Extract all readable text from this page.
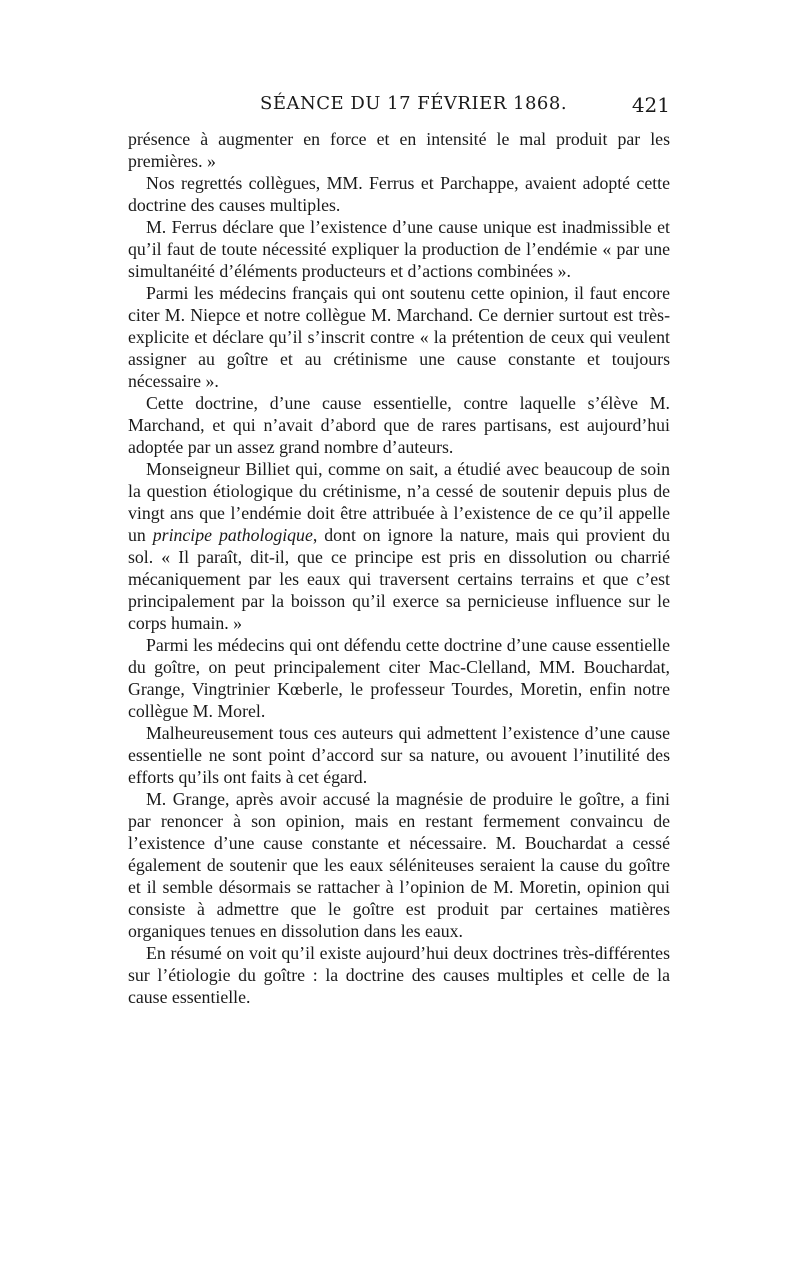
SÉANCE DU 17 FÉVRIER 1868.	421

présence à augmenter en force et en intensité le mal produit par les premières. »

Nos regrettés collègues, MM. Ferrus et Parchappe, avaient adopté cette doctrine des causes multiples.

M. Ferrus déclare que l’existence d’une cause unique est inadmissible et qu’il faut de toute nécessité expliquer la production de l’endémie « par une simultanéité d’éléments producteurs et d’actions combinées ».

Parmi les médecins français qui ont soutenu cette opinion, il faut encore citer M. Niepce et notre collègue M. Marchand. Ce dernier surtout est très-explicite et déclare qu’il s’inscrit contre « la prétention de ceux qui veulent assigner au goître et au crétinisme une cause constante et toujours nécessaire ».

Cette doctrine, d’une cause essentielle, contre laquelle s’élève M. Marchand, et qui n’avait d’abord que de rares partisans, est aujourd’hui adoptée par un assez grand nombre d’auteurs.

Monseigneur Billiet qui, comme on sait, a étudié avec beaucoup de soin la question étiologique du crétinisme, n’a cessé de soutenir depuis plus de vingt ans que l’endémie doit être attribuée à l’existence de ce qu’il appelle un principe pathologique, dont on ignore la nature, mais qui provient du sol. « Il paraît, dit-il, que ce principe est pris en dissolution ou charrié mécaniquement par les eaux qui traversent certains terrains et que c’est principalement par la boisson qu’il exerce sa pernicieuse influence sur le corps humain. »

Parmi les médecins qui ont défendu cette doctrine d’une cause essentielle du goître, on peut principalement citer Mac-Clelland, MM. Bouchardat, Grange, Vingtrinier Kœberle, le professeur Tourdes, Moretin, enfin notre collègue M. Morel.

Malheureusement tous ces auteurs qui admettent l’existence d’une cause essentielle ne sont point d’accord sur sa nature, ou avouent l’inutilité des efforts qu’ils ont faits à cet égard.

M. Grange, après avoir accusé la magnésie de produire le goître, a fini par renoncer à son opinion, mais en restant fermement convaincu de l’existence d’une cause constante et nécessaire. M. Bouchardat a cessé également de soutenir que les eaux séléniteuses seraient la cause du goître et il semble désormais se rattacher à l’opinion de M. Moretin, opinion qui consiste à admettre que le goître est produit par certaines matières organiques tenues en dissolution dans les eaux.

En résumé on voit qu’il existe aujourd’hui deux doctrines très-différentes sur l’étiologie du goître : la doctrine des causes multiples et celle de la cause essentielle.
